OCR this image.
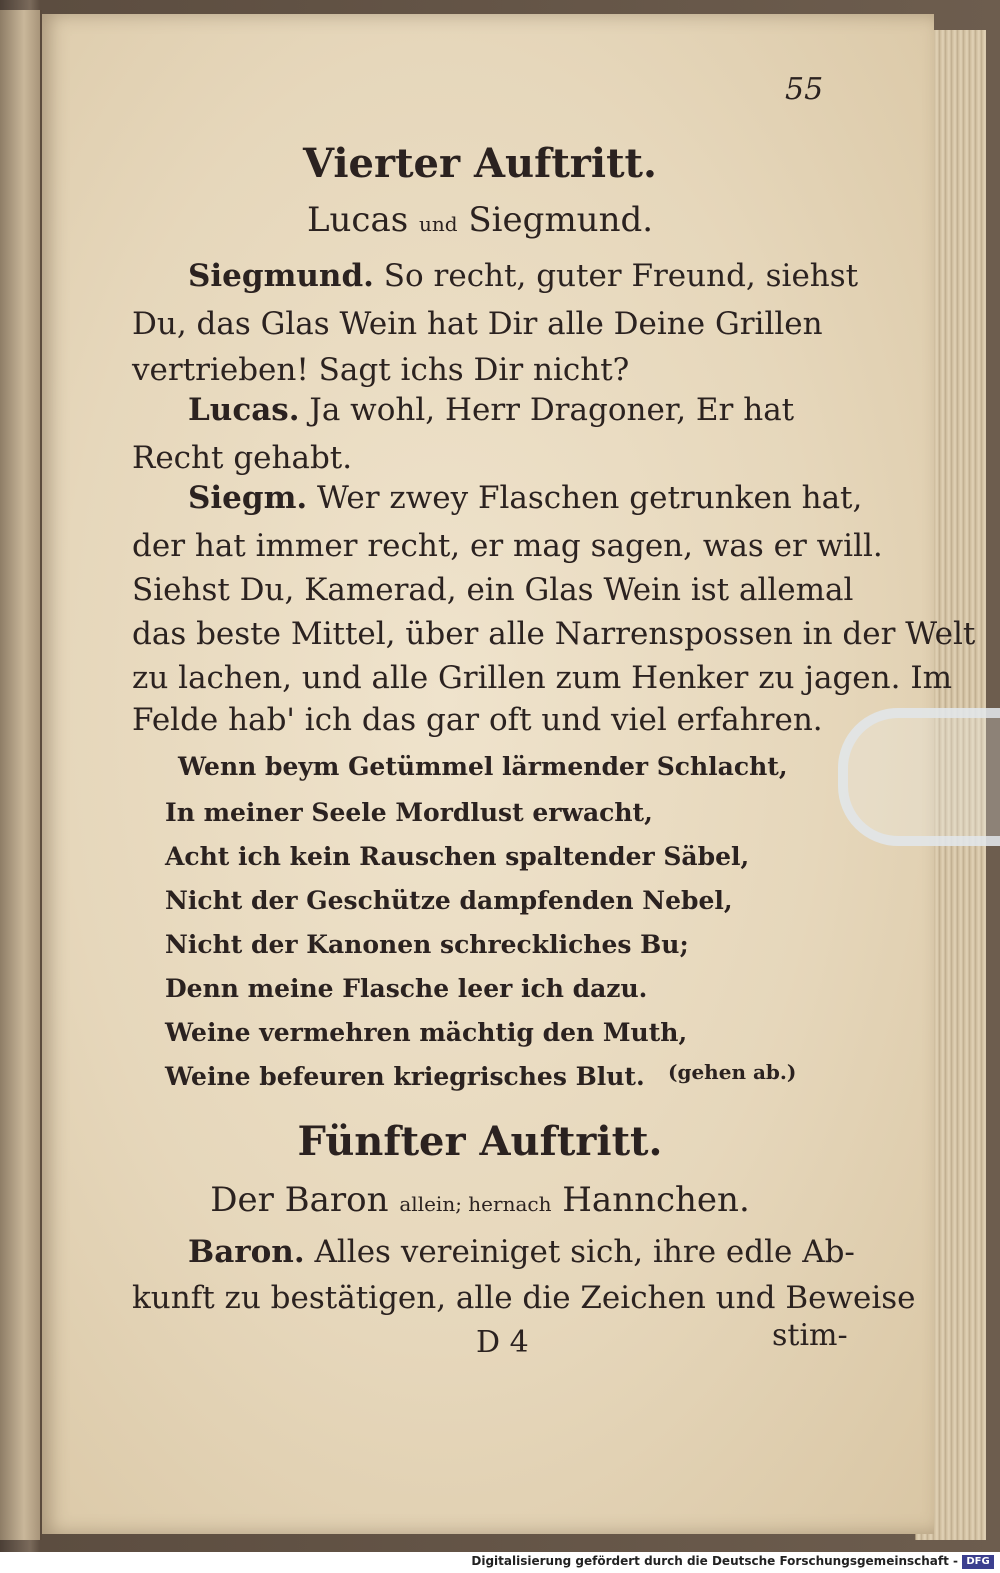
55
Vierter Auftritt.
Lucas und Siegmund.
Siegmund. So recht, guter Freund, siehst
Du, das Glas Wein hat Dir alle Deine Grillen
vertrieben! Sagt ichs Dir nicht?
Lucas. Ja wohl, Herr Dragoner, Er hat
Recht gehabt.
Siegm. Wer zwey Flaschen getrunken hat,
der hat immer recht, er mag sagen, was er will.
Siehst Du, Kamerad, ein Glas Wein ist allemal
das beste Mittel, über alle Narrenspossen in der Welt
zu lachen, und alle Grillen zum Henker zu jagen. Im
Felde hab' ich das gar oft und viel erfahren.
Wenn beym Getümmel lärmender Schlacht,
In meiner Seele Mordlust erwacht,
Acht ich kein Rauschen spaltender Säbel,
Nicht der Geschütze dampfenden Nebel,
Nicht der Kanonen schreckliches Bu;
Denn meine Flasche leer ich dazu.
Weine vermehren mächtig den Muth,
Weine befeuren kriegrisches Blut. (gehen ab.)
Fünfter Auftritt.
Der Baron allein; hernach Hannchen.
Baron. Alles vereiniget sich, ihre edle Ab-
kunft zu bestätigen, alle die Zeichen und Beweise
D 4	stim-
Digitalisierung gefördert durch die Deutsche Forschungsgemeinschaft - DFG
